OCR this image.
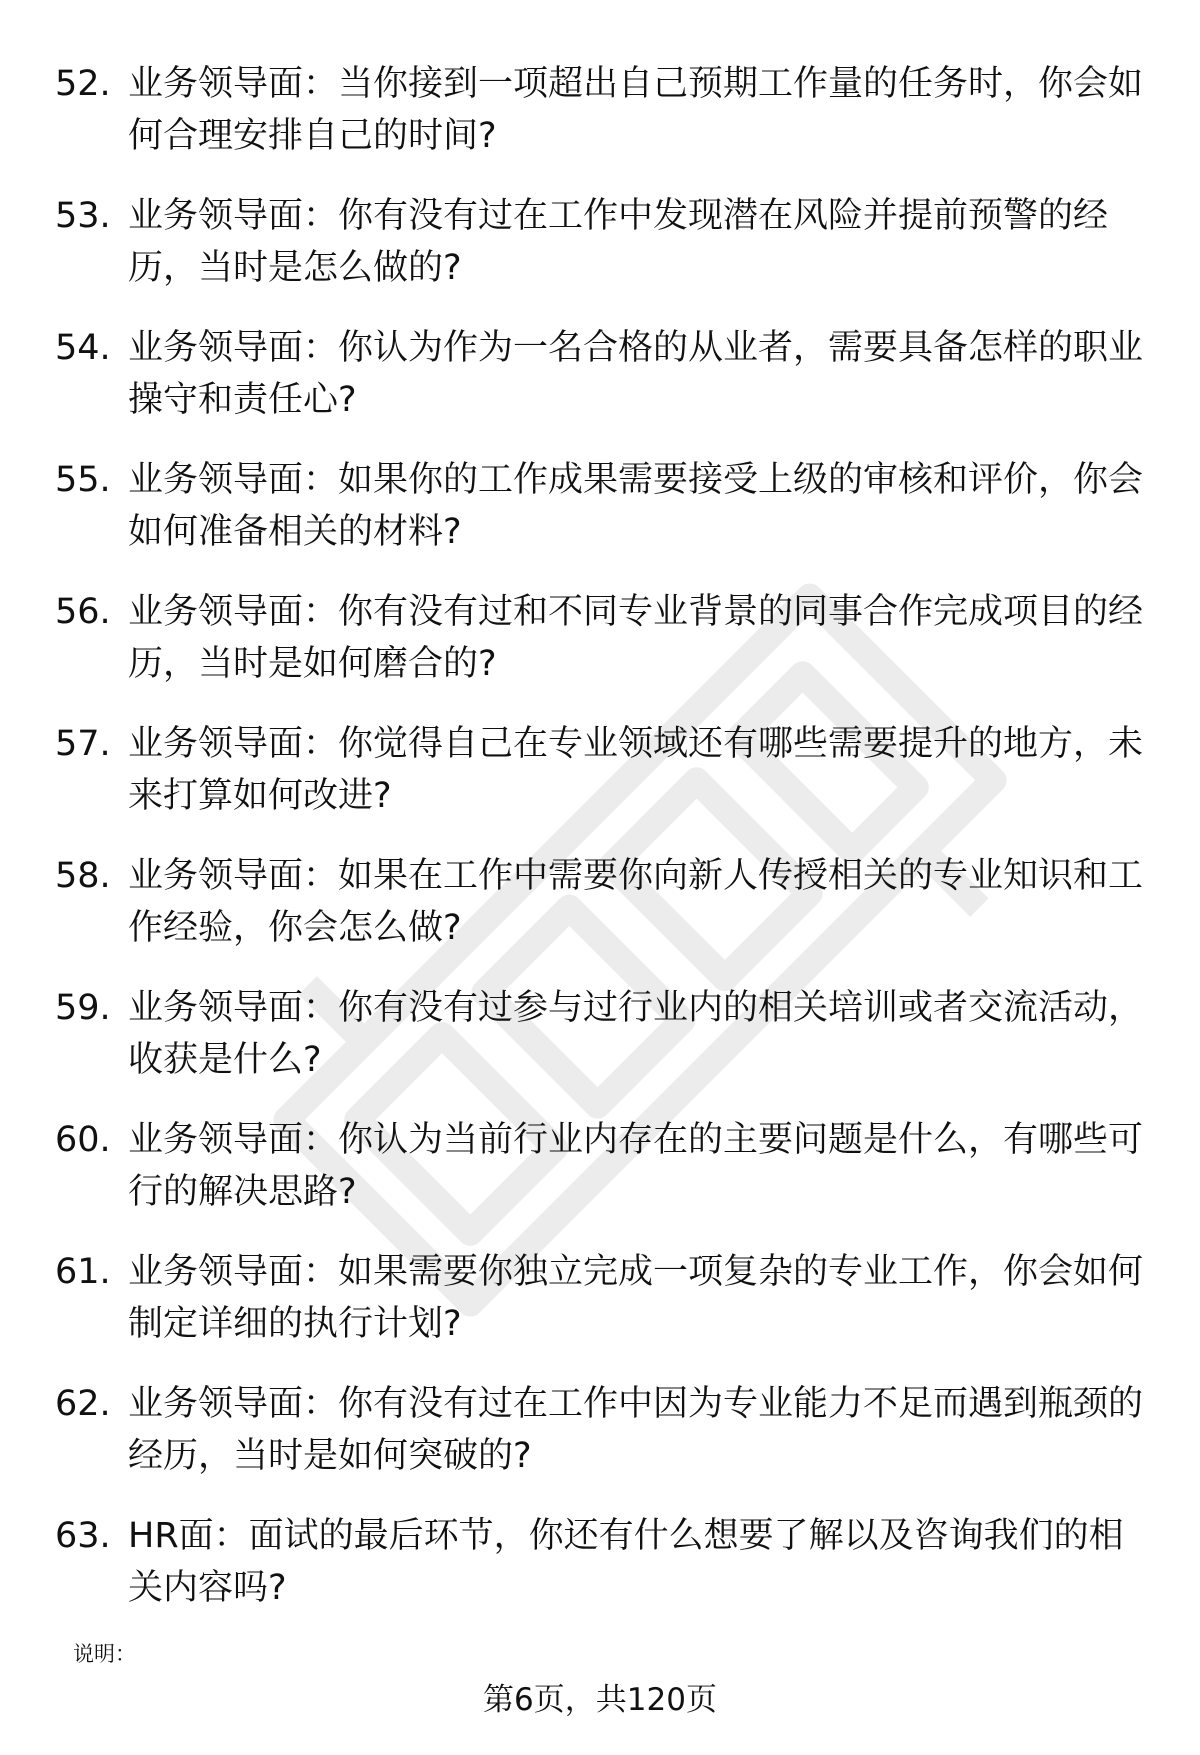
52. 业务领导面：当你接到一项超出自己预期工作量的任务时，你会如何合理安排自己的时间?
53. 业务领导面：你有没有过在工作中发现潜在风险并提前预警的经历，当时是怎么做的?
54. 业务领导面：你认为作为一名合格的从业者，需要具备怎样的职业操守和责任心?
55. 业务领导面：如果你的工作成果需要接受上级的审核和评价，你会如何准备相关的材料?
56. 业务领导面：你有没有过和不同专业背景的同事合作完成项目的经历，当时是如何磨合的?
57. 业务领导面：你觉得自己在专业领域还有哪些需要提升的地方，未来打算如何改进?
58. 业务领导面：如果在工作中需要你向新人传授相关的专业知识和工作经验，你会怎么做?
59. 业务领导面：你有没有过参与过行业内的相关培训或者交流活动，收获是什么?
60. 业务领导面：你认为当前行业内存在的主要问题是什么，有哪些可行的解决思路?
61. 业务领导面：如果需要你独立完成一项复杂的专业工作，你会如何制定详细的执行计划?
62. 业务领导面：你有没有过在工作中因为专业能力不足而遇到瓶颈的经历，当时是如何突破的?
63. HR面：面试的最后环节，你还有什么想要了解以及咨询我们的相关内容吗?
说明：
第6页，共120页
